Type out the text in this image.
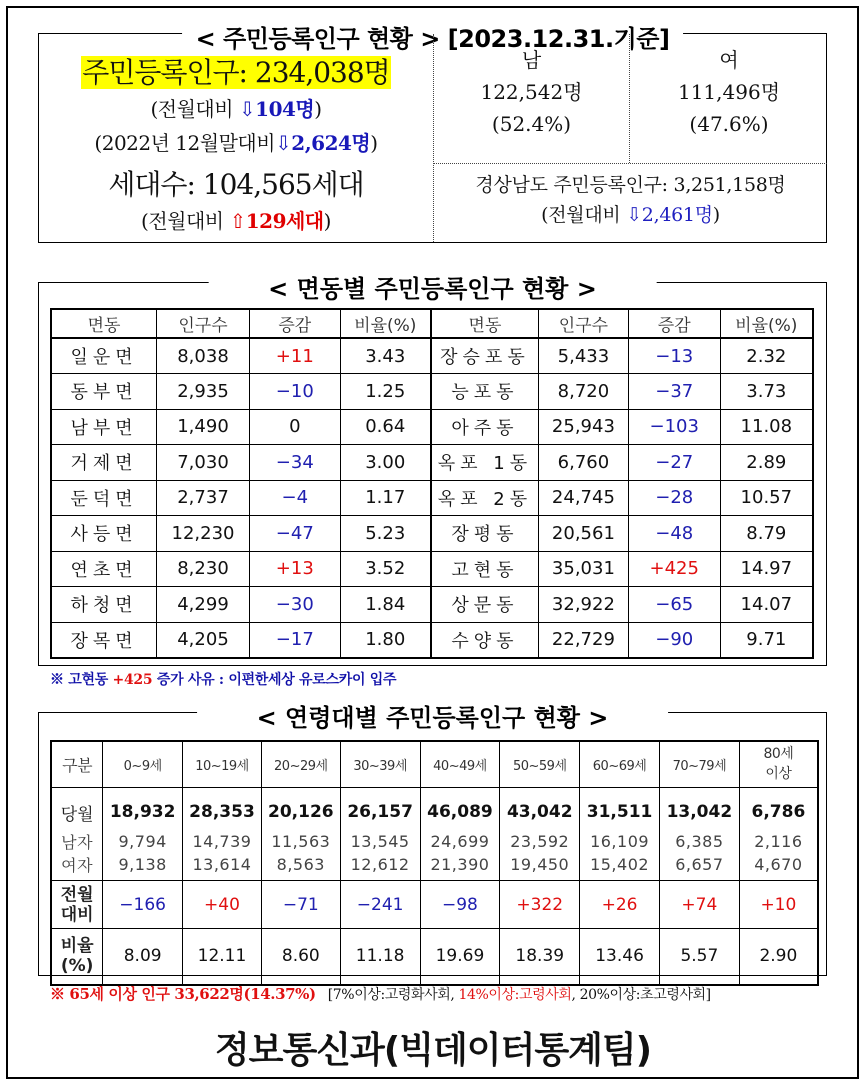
< 주민등록인구 현황 > [2023.12.31.기준]
주민등록인구: 234,038명
(전월대비 ⇩104명)
(2022년 12월말대비⇩2,624명)
세대수: 104,565세대
(전월대비 ⇧129세대)
남
122,542명
(52.4%)
여
111,496명
(47.6%)
경상남도 주민등록인구: 3,251,158명
(전월대비 ⇩2,461명)
< 면동별 주민등록인구 현황 >
면동	인구수	증감	비율(%)	면동	인구수	증감	비율(%)
일운면	8,038	+11	3.43	장승포동	5,433	−13	2.32
동부면	2,935	−10	1.25	능포동	8,720	−37	3.73
남부면	1,490	0	0.64	아주동	25,943	−103	11.08
거제면	7,030	−34	3.00	옥포 1동	6,760	−27	2.89
둔덕면	2,737	−4	1.17	옥포 2동	24,745	−28	10.57
사등면	12,230	−47	5.23	장평동	20,561	−48	8.79
연초면	8,230	+13	3.52	고현동	35,031	+425	14.97
하청면	4,299	−30	1.84	상문동	32,922	−65	14.07
장목면	4,205	−17	1.80	수양동	22,729	−90	9.71
※ 고현동 +425 증가 사유 : 이편한세상 유로스카이 입주
< 연령대별 주민등록인구 현황 >
구분	0~9세	10~19세	20~29세	30~39세	40~49세	50~59세	60~69세	70~79세	80세
이상
당월	18,932	28,353	20,126	26,157	46,089	43,042	31,511	13,042	6,786
남자	9,794	14,739	11,563	13,545	24,699	23,592	16,109	6,385	2,116
여자	9,138	13,614	8,563	12,612	21,390	19,450	15,402	6,657	4,670
전월
대비	−166	+40	−71	−241	−98	+322	+26	+74	+10
비율
(%)	8.09	12.11	8.60	11.18	19.69	18.39	13.46	5.57	2.90
※ 65세 이상 인구 33,622명(14.37%) [7%이상:고령화사회, 14%이상:고령사회, 20%이상:초고령사회]
정보통신과(빅데이터통계팀)
